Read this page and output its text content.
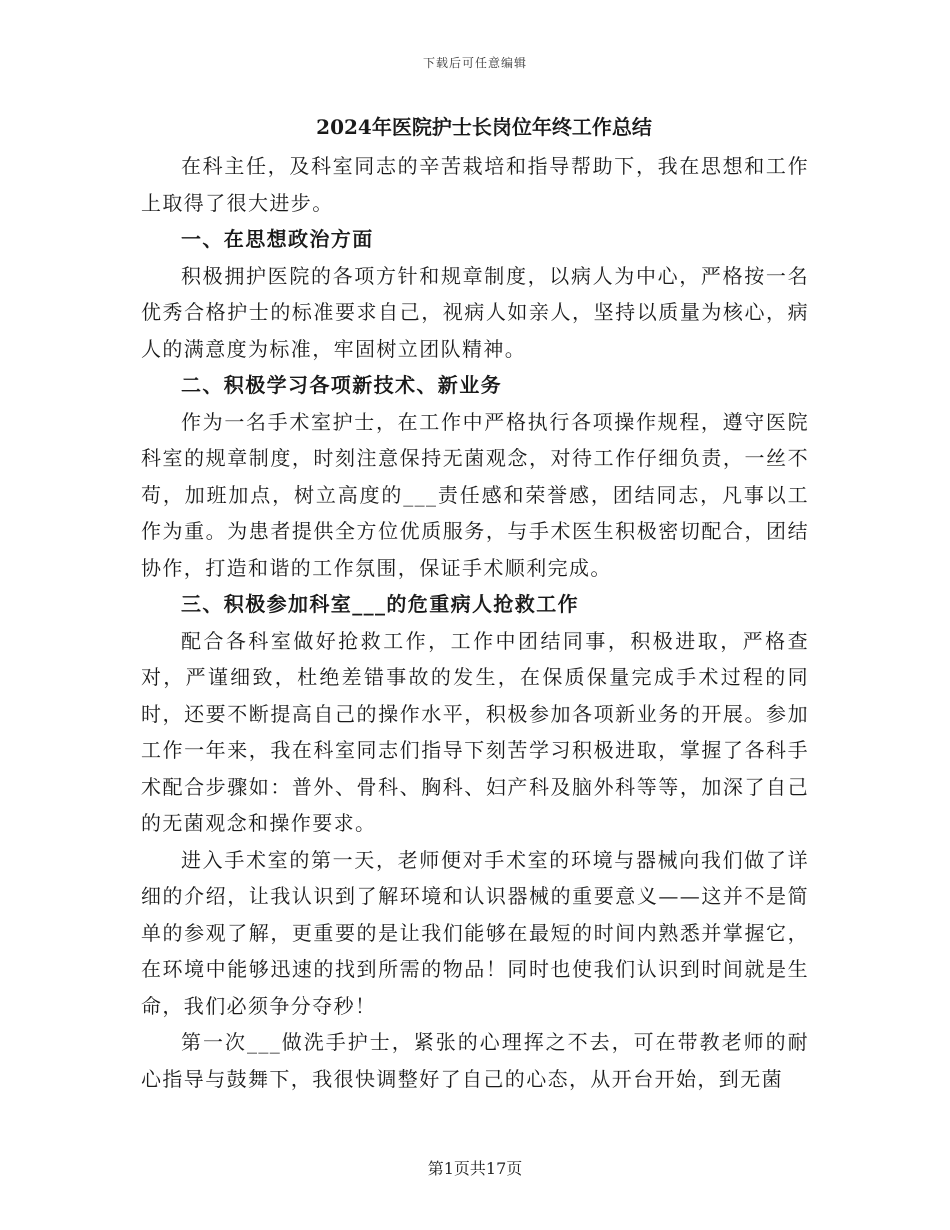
下载后可任意编辑
2024年医院护士长岗位年终工作总结

在科主任，及科室同志的辛苦栽培和指导帮助下，我在思想和工作上取得了很大进步。

一、在思想政治方面

积极拥护医院的各项方针和规章制度，以病人为中心，严格按一名优秀合格护士的标准要求自己，视病人如亲人，坚持以质量为核心，病人的满意度为标准，牢固树立团队精神。

二、积极学习各项新技术、新业务

作为一名手术室护士，在工作中严格执行各项操作规程，遵守医院科室的规章制度，时刻注意保持无菌观念，对待工作仔细负责，一丝不苟，加班加点，树立高度的___责任感和荣誉感，团结同志，凡事以工作为重。为患者提供全方位优质服务，与手术医生积极密切配合，团结协作，打造和谐的工作氛围，保证手术顺利完成。

三、积极参加科室___的危重病人抢救工作

配合各科室做好抢救工作，工作中团结同事，积极进取，严格查对，严谨细致，杜绝差错事故的发生，在保质保量完成手术过程的同时，还要不断提高自己的操作水平，积极参加各项新业务的开展。参加工作一年来，我在科室同志们指导下刻苦学习积极进取，掌握了各科手术配合步骤如：普外、骨科、胸科、妇产科及脑外科等等，加深了自己的无菌观念和操作要求。

进入手术室的第一天，老师便对手术室的环境与器械向我们做了详细的介绍，让我认识到了解环境和认识器械的重要意义——这并不是简单的参观了解，更重要的是让我们能够在最短的时间内熟悉并掌握它，在环境中能够迅速的找到所需的物品！同时也使我们认识到时间就是生命，我们必须争分夺秒！

第一次___做洗手护士，紧张的心理挥之不去，可在带教老师的耐心指导与鼓舞下，我很快调整好了自己的心态，从开台开始，到无菌

第1页共17页
